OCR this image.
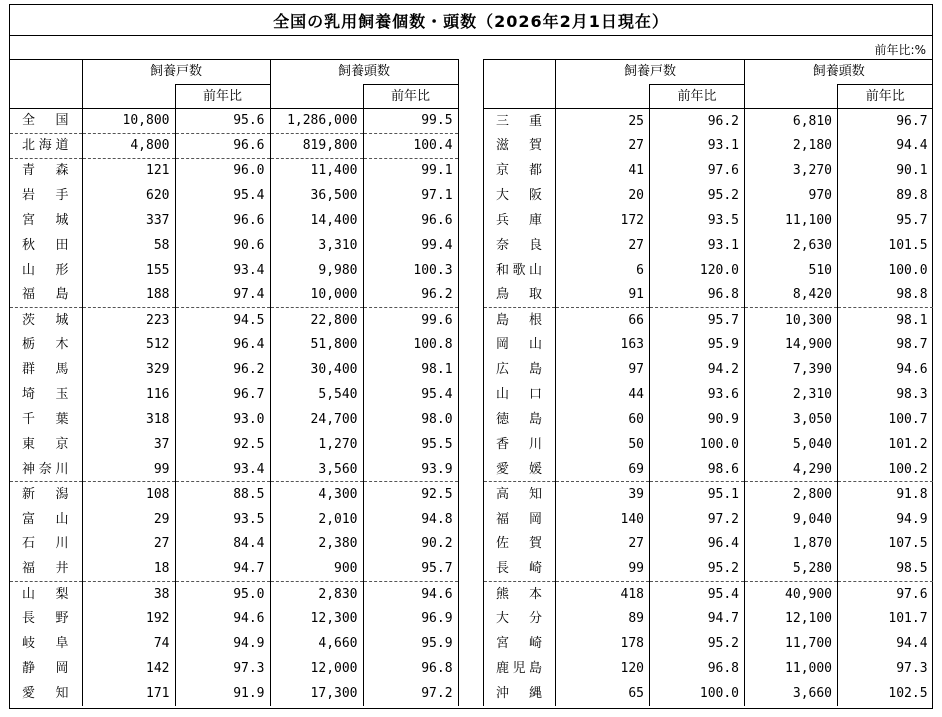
全国の乳用飼養個数・頭数（2026年2月1日現在）
前年比:%
	飼養戸数		飼養頭数	
		前年比		前年比
全国	10,800	95.6	1,286,000	99.5
北海道	4,800	96.6	819,800	100.4
青森	121	96.0	11,400	99.1
岩手	620	95.4	36,500	97.1
宮城	337	96.6	14,400	96.6
秋田	58	90.6	3,310	99.4
山形	155	93.4	9,980	100.3
福島	188	97.4	10,000	96.2
茨城	223	94.5	22,800	99.6
栃木	512	96.4	51,800	100.8
群馬	329	96.2	30,400	98.1
埼玉	116	96.7	5,540	95.4
千葉	318	93.0	24,700	98.0
東京	37	92.5	1,270	95.5
神奈川	99	93.4	3,560	93.9
新潟	108	88.5	4,300	92.5
富山	29	93.5	2,010	94.8
石川	27	84.4	2,380	90.2
福井	18	94.7	900	95.7
山梨	38	95.0	2,830	94.6
長野	192	94.6	12,300	96.9
岐阜	74	94.9	4,660	95.9
静岡	142	97.3	12,000	96.8
愛知	171	91.9	17,300	97.2
	飼養戸数		飼養頭数	
		前年比		前年比
三重	25	96.2	6,810	96.7
滋賀	27	93.1	2,180	94.4
京都	41	97.6	3,270	90.1
大阪	20	95.2	970	89.8
兵庫	172	93.5	11,100	95.7
奈良	27	93.1	2,630	101.5
和歌山	6	120.0	510	100.0
鳥取	91	96.8	8,420	98.8
島根	66	95.7	10,300	98.1
岡山	163	95.9	14,900	98.7
広島	97	94.2	7,390	94.6
山口	44	93.6	2,310	98.3
徳島	60	90.9	3,050	100.7
香川	50	100.0	5,040	101.2
愛媛	69	98.6	4,290	100.2
高知	39	95.1	2,800	91.8
福岡	140	97.2	9,040	94.9
佐賀	27	96.4	1,870	107.5
長崎	99	95.2	5,280	98.5
熊本	418	95.4	40,900	97.6
大分	89	94.7	12,100	101.7
宮崎	178	95.2	11,700	94.4
鹿児島	120	96.8	11,000	97.3
沖縄	65	100.0	3,660	102.5
